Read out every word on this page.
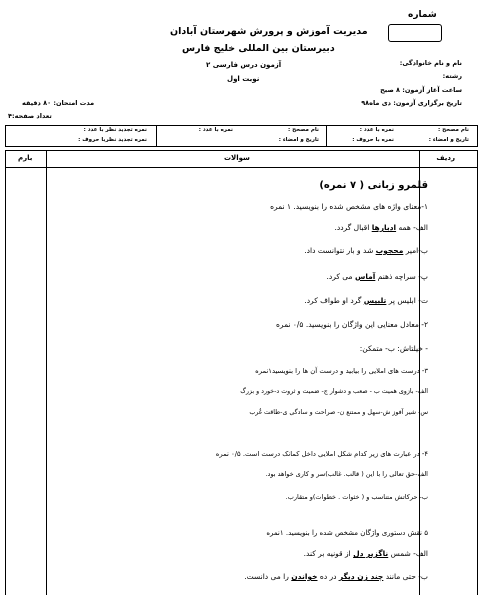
شماره
مدیریت آموزش و پرورش شهرستان آبادان
دبیرستان بین المللی خلیج فارس
آزمون درس فارسی ۲
نوبت اول
نام و نام خانوادگی:
رشته:
ساعت آغاز آزمون: ۸ صبح
تاریخ برگزاری آزمون: دی ماه۹۸
مدت امتحان: ۸۰ دقیقه
تعداد صفحه:۴
نام مصحح :
نمره با عدد :
تاریخ و امضاء :
نمره با حروف :
نام مصحح :
نمره با عدد :
تاریخ و امضاء :
نمره تجدید نظر با عدد :
نمره تجدید نظربا حروف :
ردیف
سوالات
بارم
قلمرو زبانی ( ۷ نمره)
۱-معنای واژه های مشخص شده را بنویسید. ۱ نمره
الف- همه ادبارها اقبال گردد.
ب-امیر محجوب شد و بار نتوانست داد.
پ- سراچه ذهنم آماس می کرد.
ت- ابلیس پر تلبیس گرد او طواف کرد.
۲- معادل معنایی این واژگان را بنویسید. ۰/۵ نمره
- خیلتاش: ب- متمکن:
۳- درست های املایی را بیابید و درست آن ها را بنویسید۱نمره
الف- بازوی همیت ب - صعب و دشوار ج- ضمیت و ثروت د-خورد و بزرگ
س- شیر آفوز ش-سهل و ممتنع ن- صراحت و سادگی ی-طاقت غُرب
۴- در عبارت های زیر کدام شکل املایی داخل کمانک درست است. ۰/۵ نمره
الف-حق تعالی را با این ( قالب. غالب)سر و کاری خواهد بود.
ب- حرکاتش متناسب و ( خثوات . خطوات)و متقارب.
۵ نقش دستوری واژگان مشخص شده را بنویسید. ۱نمره
الف- شمس ناگزیر دل از قونیه بر کند.
ب- حتی مانند چند زن دیگر در ده خواندن را می دانست.
